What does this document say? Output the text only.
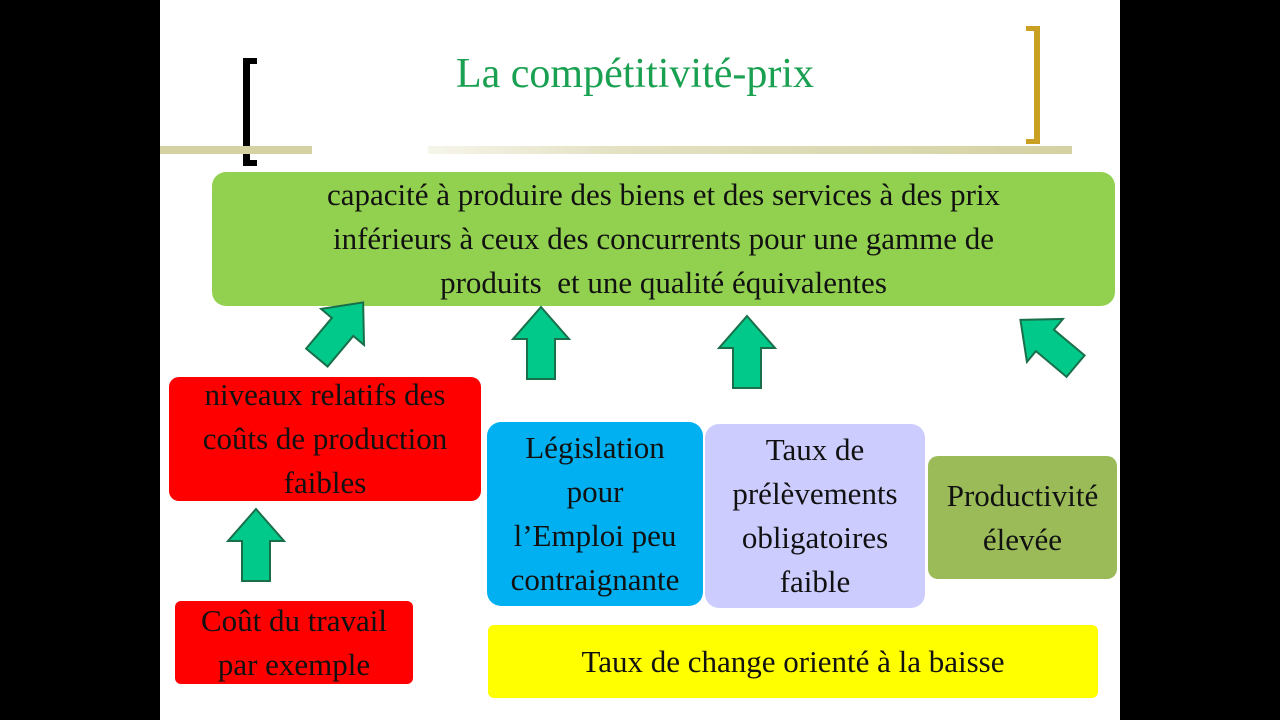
La compétitivité-prix
capacité à produire des biens et des services à des prix
inférieurs à ceux des concurrents pour une gamme de
produits  et une qualité équivalentes
niveaux relatifs des
coûts de production
faibles
Coût du travail
par exemple
Législation
pour
l’Emploi peu
contraignante
Taux de
prélèvements
obligatoires
faible
Productivité
élevée
Taux de change orienté à la baisse
